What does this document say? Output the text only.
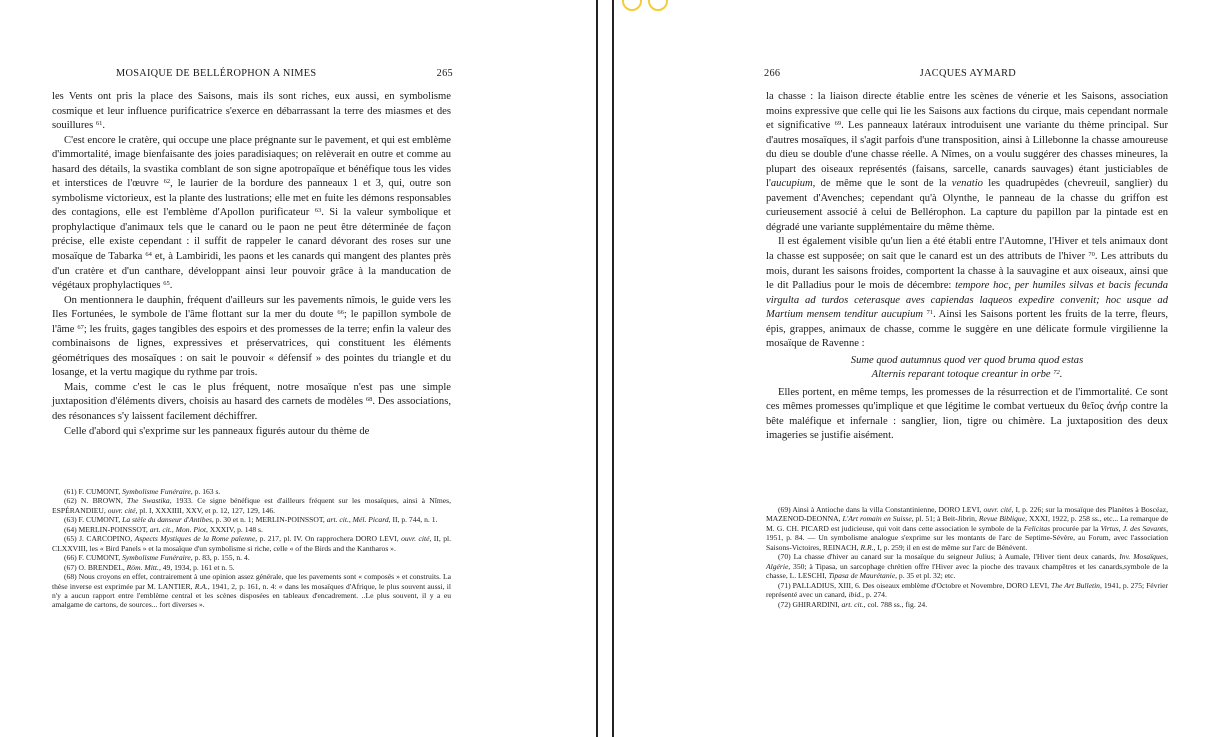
MOSAIQUE DE BELLÉROPHON A NIMES	265

les Vents ont pris la place des Saisons, mais ils sont riches, eux aussi, en symbolisme cosmique et leur influence purificatrice s'exerce en débarrassant la terre des miasmes et des souillures $^{61}$.

C'est encore le cratère, qui occupe une place prégnante sur le pavement, et qui est emblème d'immortalité, image bienfaisante des joies paradisiaques; on relèverait en outre et comme au hasard des détails, la svastika comblant de son signe apotropaïque et bénéfique tous les vides et interstices de l'œuvre $^{62}$, le laurier de la bordure des panneaux 1 et 3, qui, outre son symbolisme victorieux, est la plante des lustrations; elle met en fuite les démons responsables des contagions, elle est l'emblème d'Apollon purificateur $^{63}$. Si la valeur symbolique et prophylactique d'animaux tels que le canard ou le paon ne peut être déterminée de façon précise, elle existe cependant : il suffit de rappeler le canard dévorant des roses sur une mosaïque de Tabarka $^{64}$ et, à Lambiridi, les paons et les canards qui mangent des plantes près d'un cratère et d'un canthare, développant ainsi leur pouvoir grâce à la manducation de végétaux prophylactiques $^{65}$.

On mentionnera le dauphin, fréquent d'ailleurs sur les pavements nîmois, le guide vers les Iles Fortunées, le symbole de l'âme flottant sur la mer du doute $^{66}$; le papillon symbole de l'âme $^{67}$; les fruits, gages tangibles des espoirs et des promesses de la terre; enfin la valeur des combinaisons de lignes, expressives et préservatrices, qui constituent les éléments géométriques des mosaïques : on sait le pouvoir « défensif » des pointes du triangle et du losange, et la vertu magique du rythme par trois.

Mais, comme c'est le cas le plus fréquent, notre mosaïque n'est pas une simple juxtaposition d'éléments divers, choisis au hasard des carnets de modèles $^{68}$. Des associations, des résonances s'y laissent facilement déchiffrer.

Celle d'abord qui s'exprime sur les panneaux figurés autour du thème de

(61) F. CUMONT, Symbolisme Funéraire, p. 163 s.

(62) N. BROWN, The Swastika, 1933. Ce signe bénéfique est d'ailleurs fréquent sur les mosaïques, ainsi à Nîmes, ESPÉRANDIEU, ouvr. cité, pl. I, XXXIIII, XXV, et p. 12, 127, 129, 146.

(63) F. CUMONT, La stèle du danseur d'Antibes, p. 30 et n. 1; MERLIN-POINSSOT, art. cit., Mél. Picard, II, p. 744, n. 1.

(64) MERLIN-POINSSOT, art. cit., Mon. Piot, XXXIV, p. 148 s.

(65) J. CARCOPINO, Aspects Mystiques de la Rome païenne, p. 217, pl. IV. On rapprochera DORO LEVI, ouvr. cité, II, pl. CLXXVIII, les « Bird Panels » et la mosaïque d'un symbolisme si riche, celle « of the Birds and the Kantharos ».

(66) F. CUMONT, Symbolisme Funéraire, p. 83, p. 155, n. 4.

(67) O. BRENDEL, Röm. Mitt., 49, 1934, p. 161 et n. 5.

(68) Nous croyons en effet, contrairement à une opinion assez générale, que les pavements sont « composés » et construits. La thèse inverse est exprimée par M. LANTIER, R.A., 1941, 2, p. 161, n. 4: « dans les mosaïques d'Afrique, le plus souvent aussi, il n'y a aucun rapport entre l'emblème central et les scènes disposées en tableaux d'encadrement. ..Le plus souvent, il y a eu amalgame de cartons, de sources... fort diverses ».

266	JACQUES AYMARD

la chasse : la liaison directe établie entre les scènes de vénerie et les Saisons, association moins expressive que celle qui lie les Saisons aux factions du cirque, mais cependant normale et significative $^{69}$. Les panneaux latéraux introduisent une variante du thème principal. Sur d'autres mosaïques, il s'agit parfois d'une transposition, ainsi à Lillebonne la chasse amoureuse du dieu se double d'une chasse réelle. A Nîmes, on a voulu suggérer des chasses mineures, la plupart des oiseaux représentés (faisans, sarcelle, canards sauvages) étant justiciables de l'aucupium, de même que le sont de la venatio les quadrupèdes (chevreuil, sanglier) du pavement d'Avenches; cependant qu'à Olynthe, le panneau de la chasse du griffon est curieusement associé à celui de Bellérophon. La capture du papillon par la pintade est en dégradé une variante supplémentaire du même thème.

Il est également visible qu'un lien a été établi entre l'Automne, l'Hiver et tels animaux dont la chasse est supposée; on sait que le canard est un des attributs de l'hiver $^{70}$. Les attributs du mois, durant les saisons froides, comportent la chasse à la sauvagine et aux oiseaux, ainsi que le dit Palladius pour le mois de décembre: tempore hoc, per humiles silvas et bacis fecunda virgulta ad turdos ceterasque aves capiendas laqueos expedire convenit; hoc usque ad Martium mensem tenditur aucupium $^{71}$. Ainsi les Saisons portent les fruits de la terre, fleurs, épis, grappes, animaux de chasse, comme le suggère en une délicate formule virgilienne la mosaïque de Ravenne :

Sume quod autumnus quod ver quod bruma quod estas
Alternis reparant totoque creantur in orbe $^{72}$.

Elles portent, en même temps, les promesses de la résurrection et de l'immortalité. Ce sont ces mêmes promesses qu'implique et que légitime le combat vertueux du θεῖος ἀνήρ contre la bête maléfique et infernale : sanglier, lion, tigre ou chimère. La juxtaposition des deux imageries se justifie aisément.

(69) Ainsi à Antioche dans la villa Constantinienne, DORO LEVI, ouvr. cité, I, p. 226; sur la mosaïque des Planètes à Boscéaz, MAZENOD-DEONNA, L'Art romain en Suisse, pl. 51; à Beit-Jibrin, Revue Biblique, XXXI, 1922, p. 258 ss., etc... La remarque de M. G. CH. PICARD est judicieuse, qui voit dans cette association le symbole de la Felicitas procurée par la Virtus, J. des Savants, 1951, p. 84. — Un symbolisme analogue s'exprime sur les montants de l'arc de Septime-Sévère, au Forum, avec l'association Saisons-Victoires, REINACH, R.R., I, p. 259; il en est de même sur l'arc de Bénévent.

(70) La chasse d'hiver au canard sur la mosaïque du seigneur Julius; à Aumale, l'Hiver tient deux canards, Inv. Mosaïques, Algérie, 350; à Tipasa, un sarcophage chrétien offre l'Hiver avec la pioche des travaux champêtres et les canards,symbole de la chasse, L. LESCHI, Tipasa de Maurétanie, p. 35 et pl. 32; etc.

(71) PALLADIUS, XIII, 6. Des oiseaux emblème d'Octobre et Novembre, DORO LEVI, The Art Bulletin, 1941, p. 275; Février représenté avec un canard, ibid., p. 274.

(72) GHIRARDINI, art. cit., col. 788 ss., fig. 24.
